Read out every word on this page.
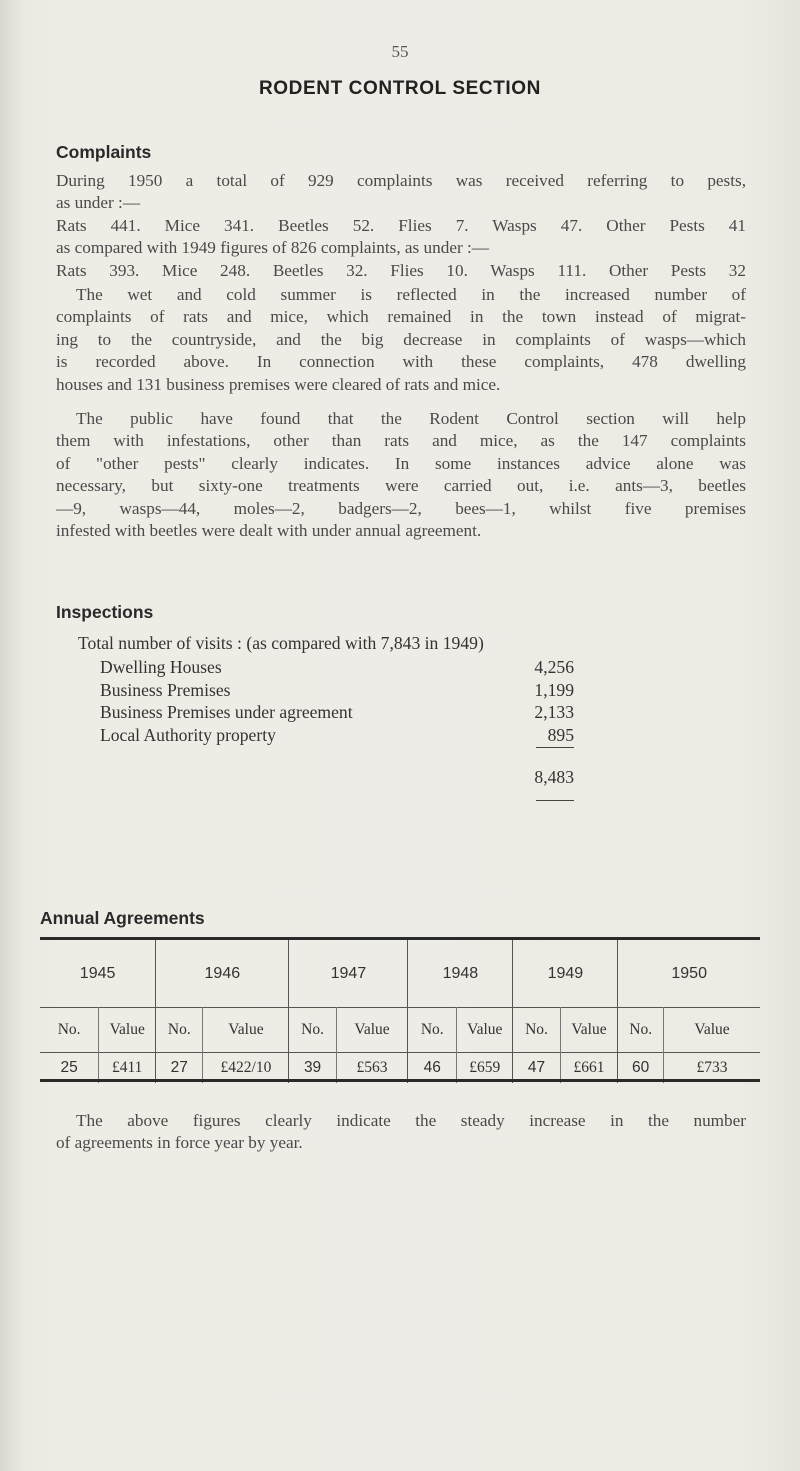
55
RODENT CONTROL SECTION
Complaints
During 1950 a total of 929 complaints was received referring to pests,
as under :—
Rats 441. Mice 341. Beetles 52. Flies 7. Wasps 47. Other Pests 41
as compared with 1949 figures of 826 complaints, as under :—
Rats 393. Mice 248. Beetles 32. Flies 10. Wasps 111. Other Pests 32
The wet and cold summer is reflected in the increased number of
complaints of rats and mice, which remained in the town instead of migrat-
ing to the countryside, and the big decrease in complaints of wasps—which
is recorded above. In connection with these complaints, 478 dwelling
houses and 131 business premises were cleared of rats and mice.
The public have found that the Rodent Control section will help
them with infestations, other than rats and mice, as the 147 complaints
of "other pests" clearly indicates. In some instances advice alone was
necessary, but sixty-one treatments were carried out, i.e. ants—3, beetles
—9, wasps—44, moles—2, badgers—2, bees—1, whilst five premises
infested with beetles were dealt with under annual agreement.
Inspections
Total number of visits : (as compared with 7,843 in 1949)
Dwelling Houses	4,256
Business Premises	1,199
Business Premises under agreement	2,133
Local Authority property	895
8,483
Annual Agreements
1945		1946		1947		1948		1949		1950	
No.	Value	No.	Value	No.	Value	No.	Value	No.	Value	No.	Value
25	£411	27	£422/10	39	£563	46	£659	47	£661	60	£733
The above figures clearly indicate the steady increase in the number
of agreements in force year by year.
